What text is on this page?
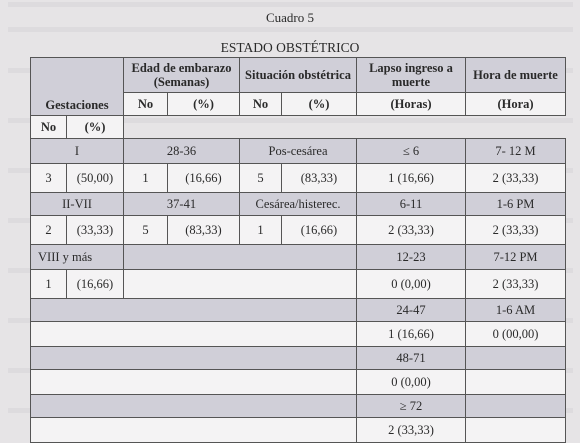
Cuadro 5
ESTADO OBSTÉTRICO
Gestaciones		Edad de embarazo (Semanas)		Situación obstétrica		Lapso ingreso a muerte	Hora de muerte
		No	(%)	No	(%)	(Horas)	(Hora)
No	(%)						
I		28-36		Pos-cesárea		≤ 6	7- 12 M
3	(50,00)	1	(16,66)	5	(83,33)	1 (16,66)	2 (33,33)
II-VII		37-41		Cesárea/histerec.		6-11	1-6 PM
2	(33,33)	5	(83,33)	1	(16,66)	2 (33,33)	2 (33,33)
VIII y más						12-23	7-12 PM
1	(16,66)					0 (0,00)	2 (33,33)
						24-47	1-6 AM
						1 (16,66)	0 (00,00)
						48-71	
						0 (0,00)	
						≥ 72	
						2 (33,33)	
